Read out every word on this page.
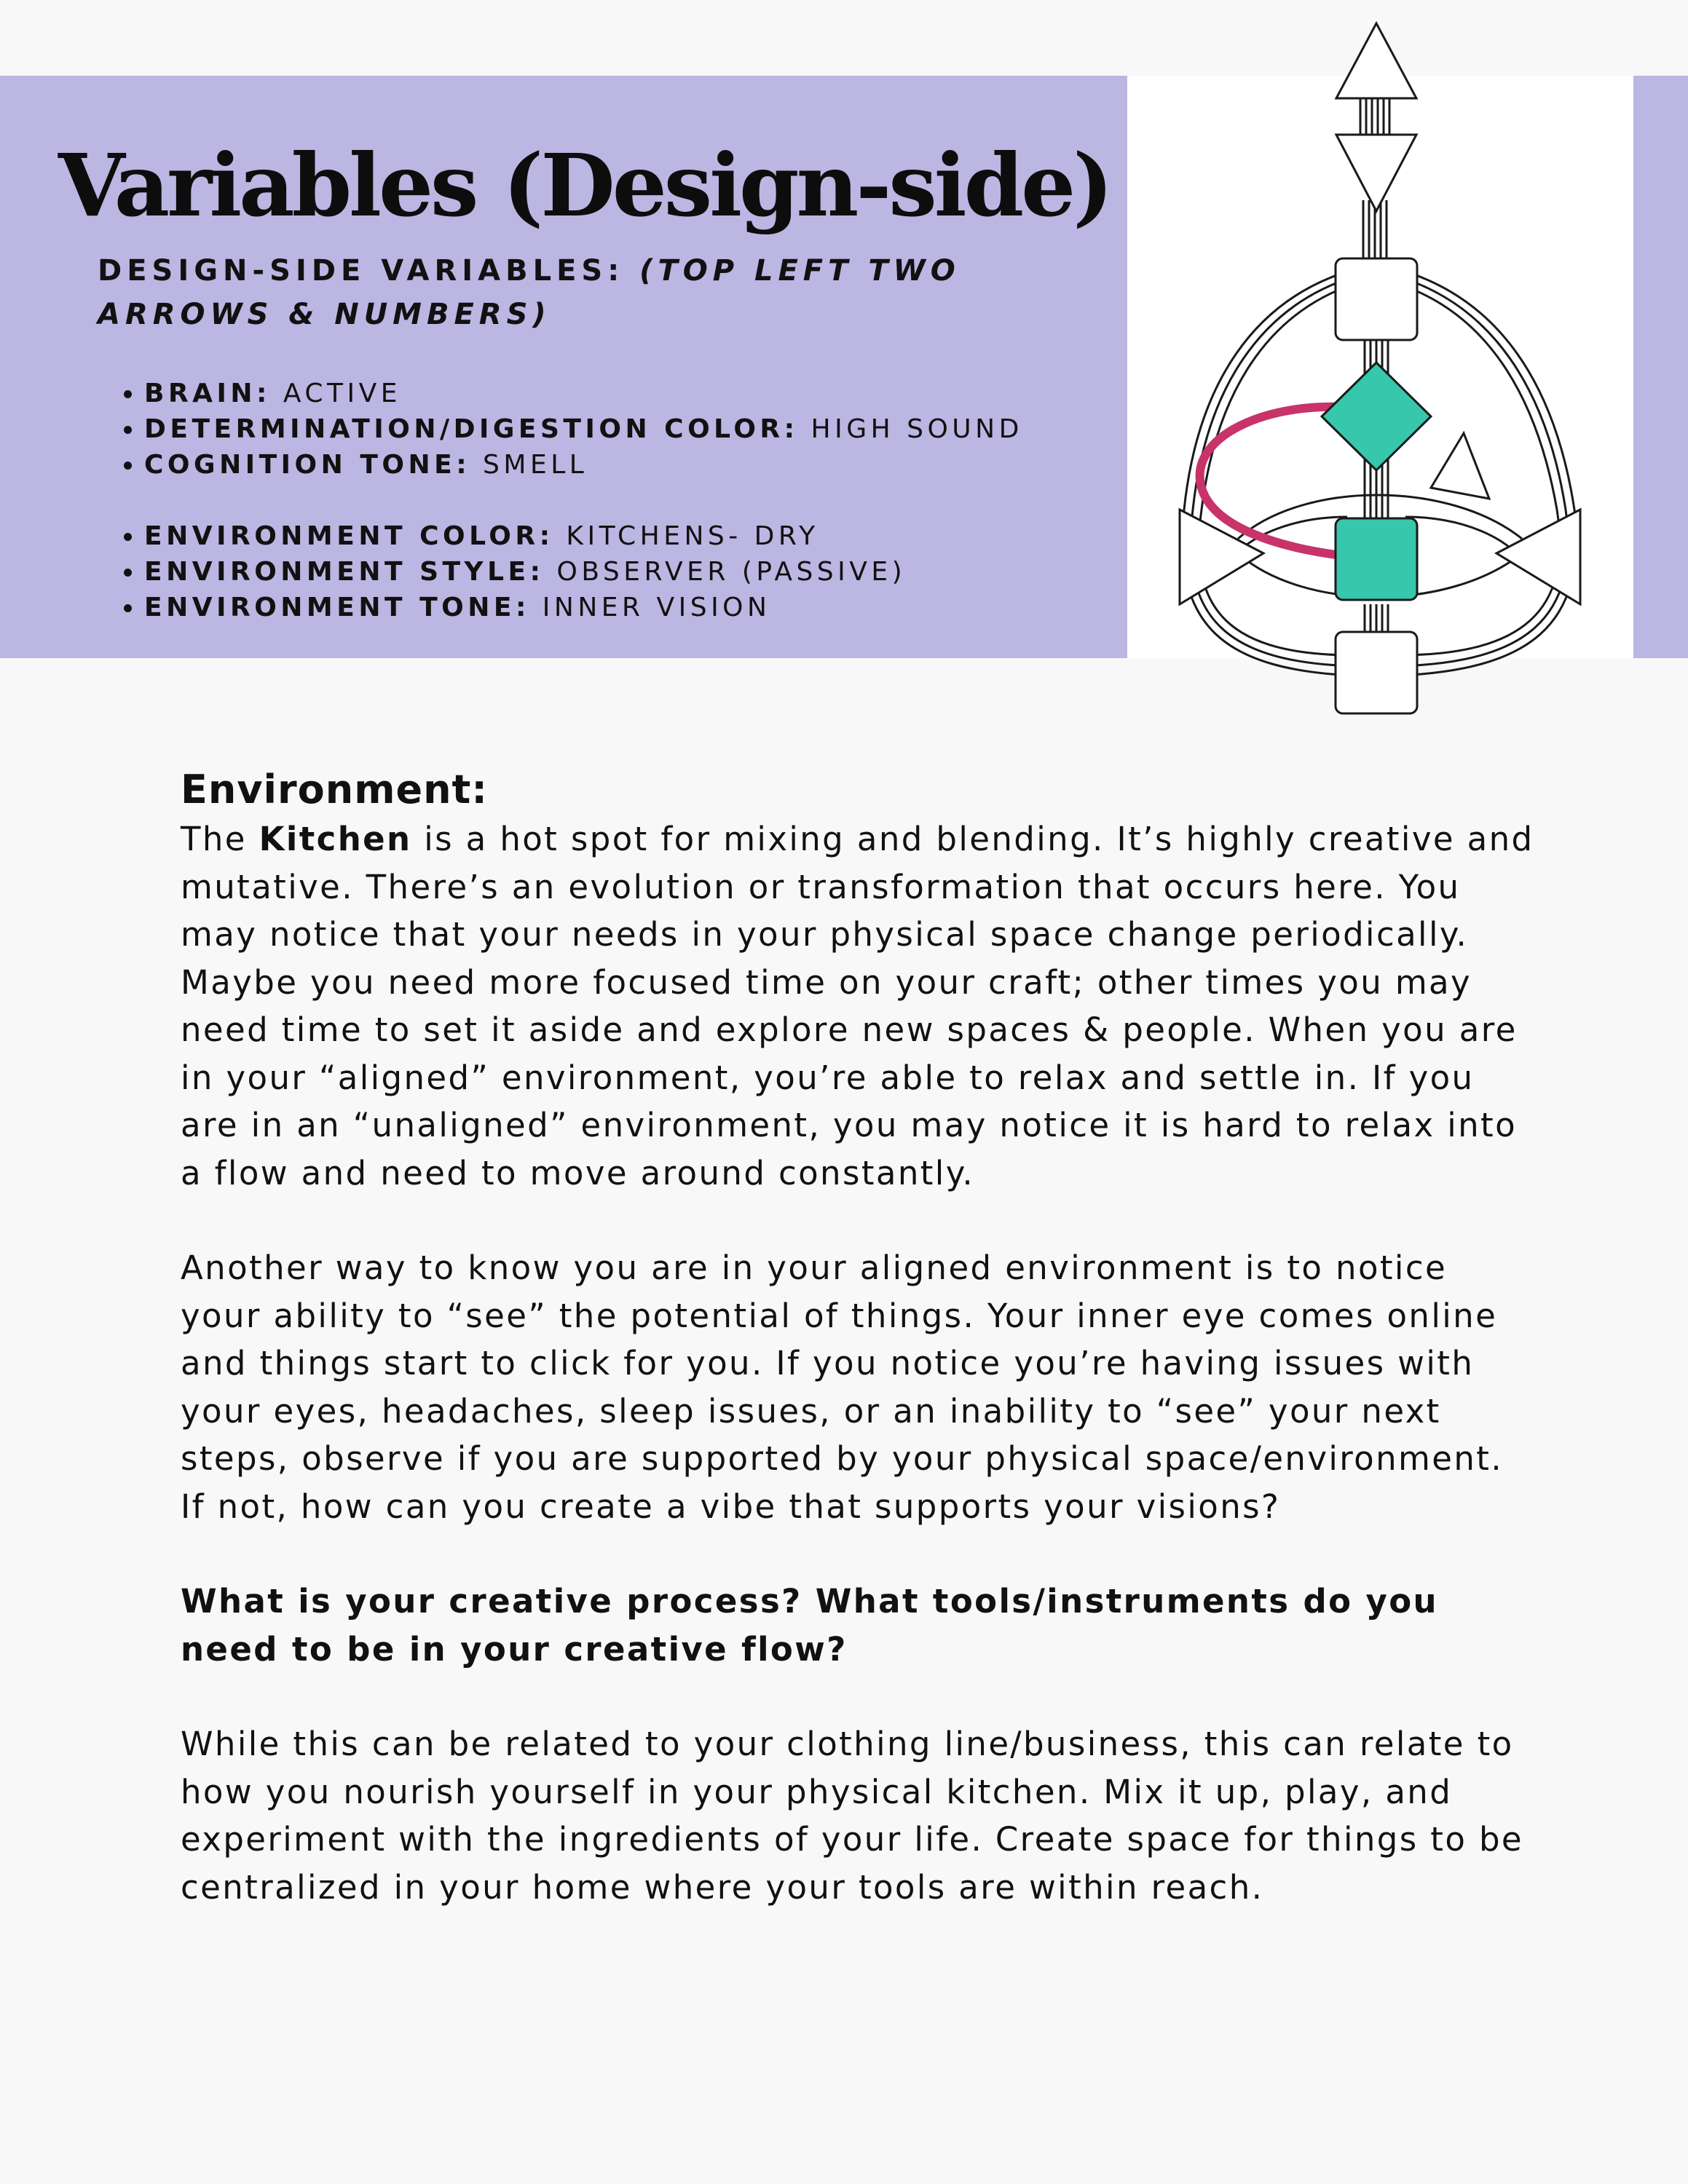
Variables (Design-side)

DESIGN-SIDE VARIABLES: (TOP LEFT TWO ARROWS & NUMBERS)

• BRAIN: ACTIVE
• DETERMINATION/DIGESTION COLOR: HIGH SOUND
• COGNITION TONE: SMELL
• ENVIRONMENT COLOR: KITCHENS- DRY
• ENVIRONMENT STYLE: OBSERVER (PASSIVE)
• ENVIRONMENT TONE: INNER VISION
Environment:

The Kitchen is a hot spot for mixing and blending. It’s highly creative and mutative. There’s an evolution or transformation that occurs here. You may notice that your needs in your physical space change periodically. Maybe you need more focused time on your craft; other times you may need time to set it aside and explore new spaces & people. When you are in your “aligned” environment, you’re able to relax and settle in. If you are in an “unaligned” environment, you may notice it is hard to relax into a flow and need to move around constantly.

Another way to know you are in your aligned environment is to notice your ability to “see” the potential of things. Your inner eye comes online and things start to click for you. If you notice you’re having issues with your eyes, headaches, sleep issues, or an inability to “see” your next steps, observe if you are supported by your physical space/environment. If not, how can you create a vibe that supports your visions?

What is your creative process? What tools/instruments do you need to be in your creative flow?

While this can be related to your clothing line/business, this can relate to how you nourish yourself in your physical kitchen. Mix it up, play, and experiment with the ingredients of your life. Create space for things to be centralized in your home where your tools are within reach.
